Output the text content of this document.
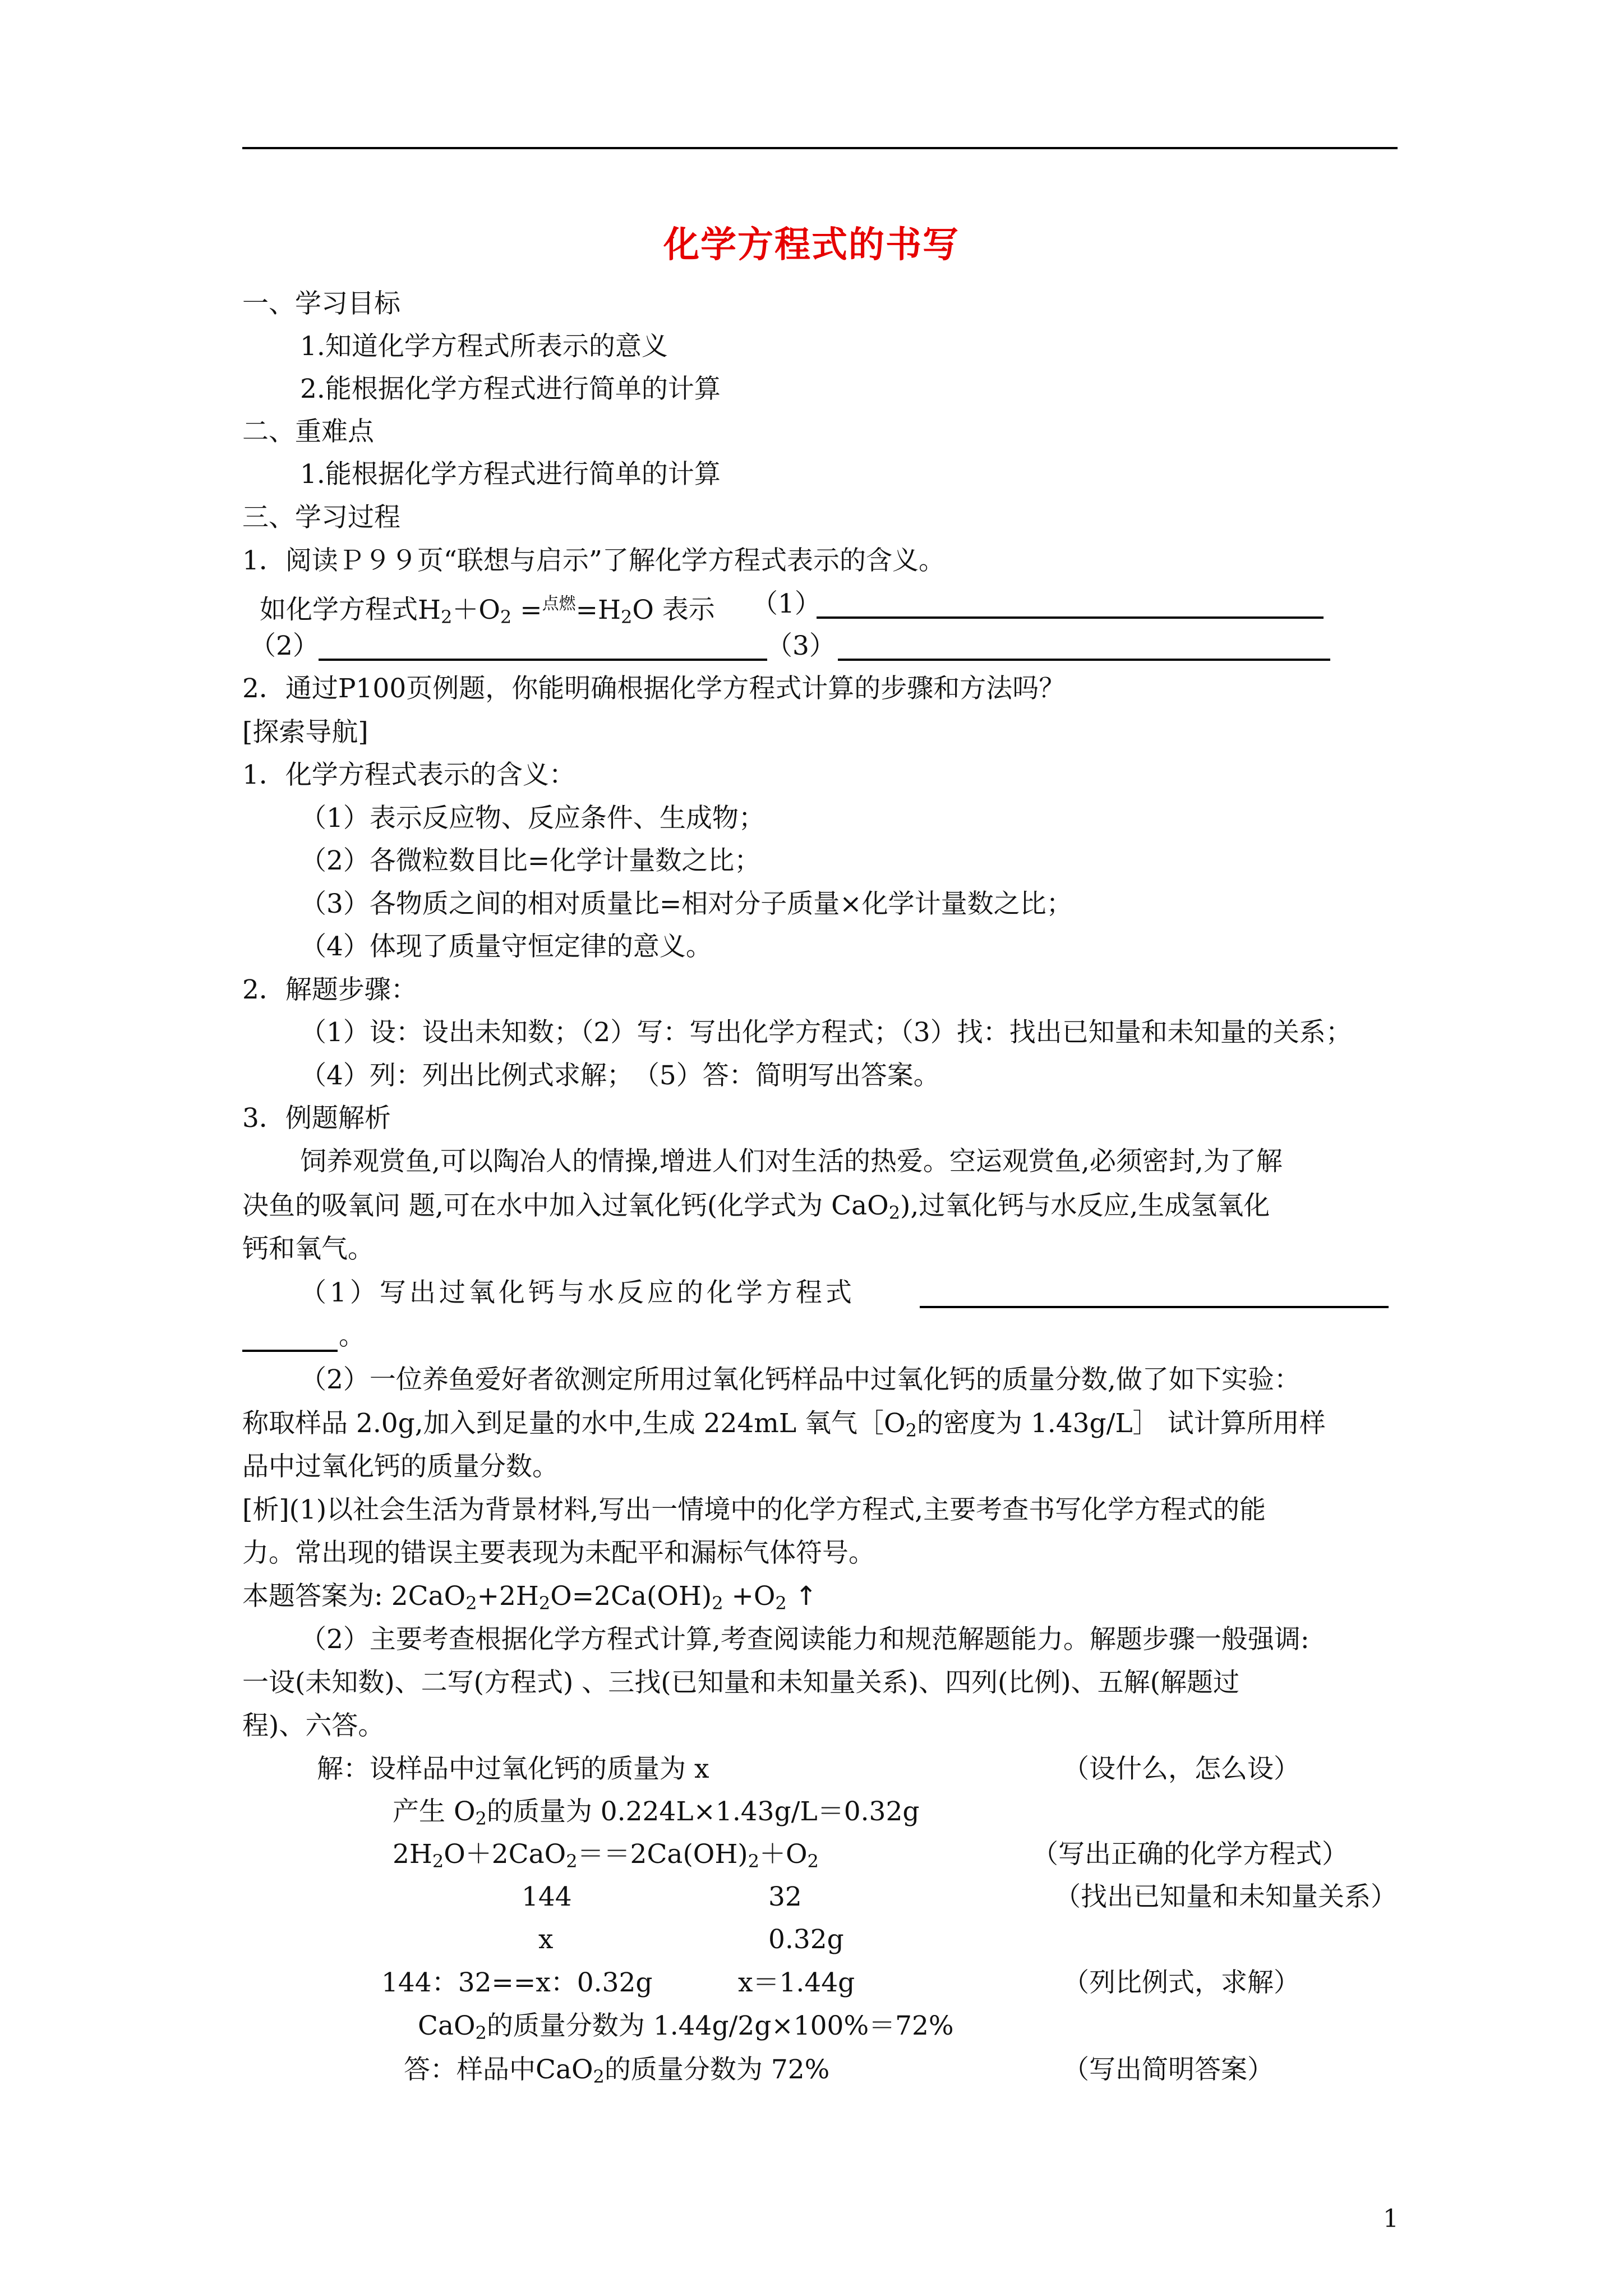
化学方程式的书写
一、学习目标
1.知道化学方程式所表示的意义
2.能根据化学方程式进行简单的计算
二、重难点
1.能根据化学方程式进行简单的计算
三、学习过程
1．阅读Ｐ９９页“联想与启示”了解化学方程式表示的含义。
如化学方程式$H_2+O_2 =^{点燃}=H_2O$ 表示 （1）
（2）	（3）
2．通过P100页例题，你能明确根据化学方程式计算的步骤和方法吗？
[探索导航]
1．化学方程式表示的含义：
（1）表示反应物、反应条件、生成物；
（2）各微粒数目比=化学计量数之比；
（3）各物质之间的相对质量比=相对分子质量×化学计量数之比；
（4）体现了质量守恒定律的意义。
2．解题步骤：
（1）设：设出未知数；（2）写：写出化学方程式；（3）找：找出已知量和未知量的关系；
（4）列：列出比例式求解；　（5）答：简明写出答案。
3．例题解析
饲养观赏鱼,可以陶冶人的情操,增进人们对生活的热爱。空运观赏鱼,必须密封,为了解
决鱼的吸氧问 题,可在水中加入过氧化钙(化学式为 CaO$_2$),过氧化钙与水反应,生成氢氧化
钙和氧气。
（1）写出过氧化钙与水反应的化学方程式
。
（2）一位养鱼爱好者欲测定所用过氧化钙样品中过氧化钙的质量分数,做了如下实验：
称取样品 2.0g,加入到足量的水中,生成 224mL 氧气$[O_2$的密度为 1.43g/L］ 试计算所用样
品中过氧化钙的质量分数。
[析](1)以社会生活为背景材料,写出一情境中的化学方程式,主要考查书写化学方程式的能
力。常出现的错误主要表现为未配平和漏标气体符号。
本题答案为: $2CaO_2+2H_2O=2Ca(OH)_2 +O_2$ ↑
（2）主要考查根据化学方程式计算,考查阅读能力和规范解题能力。解题步骤一般强调:
一设(未知数)、二写(方程式) 、三找(已知量和未知量关系)、四列(比例)、五解(解题过
程)、六答。
解：设样品中过氧化钙的质量为 x	（设什么，怎么设）
产生 $O_2$的质量为 0.224L×1.43g/L＝0.32g
$2H_2O+2CaO_2==2Ca(OH)_2+O_2$	（写出正确的化学方程式）
144	32	（找出已知量和未知量关系）
x	0.32g
144：32==x：0.32g	x＝1.44g	（列比例式，求解）
CaO$_2$的质量分数为 1.44g/2g×100%＝72%
答：样品中CaO$_2$的质量分数为 72%	（写出简明答案）
1
